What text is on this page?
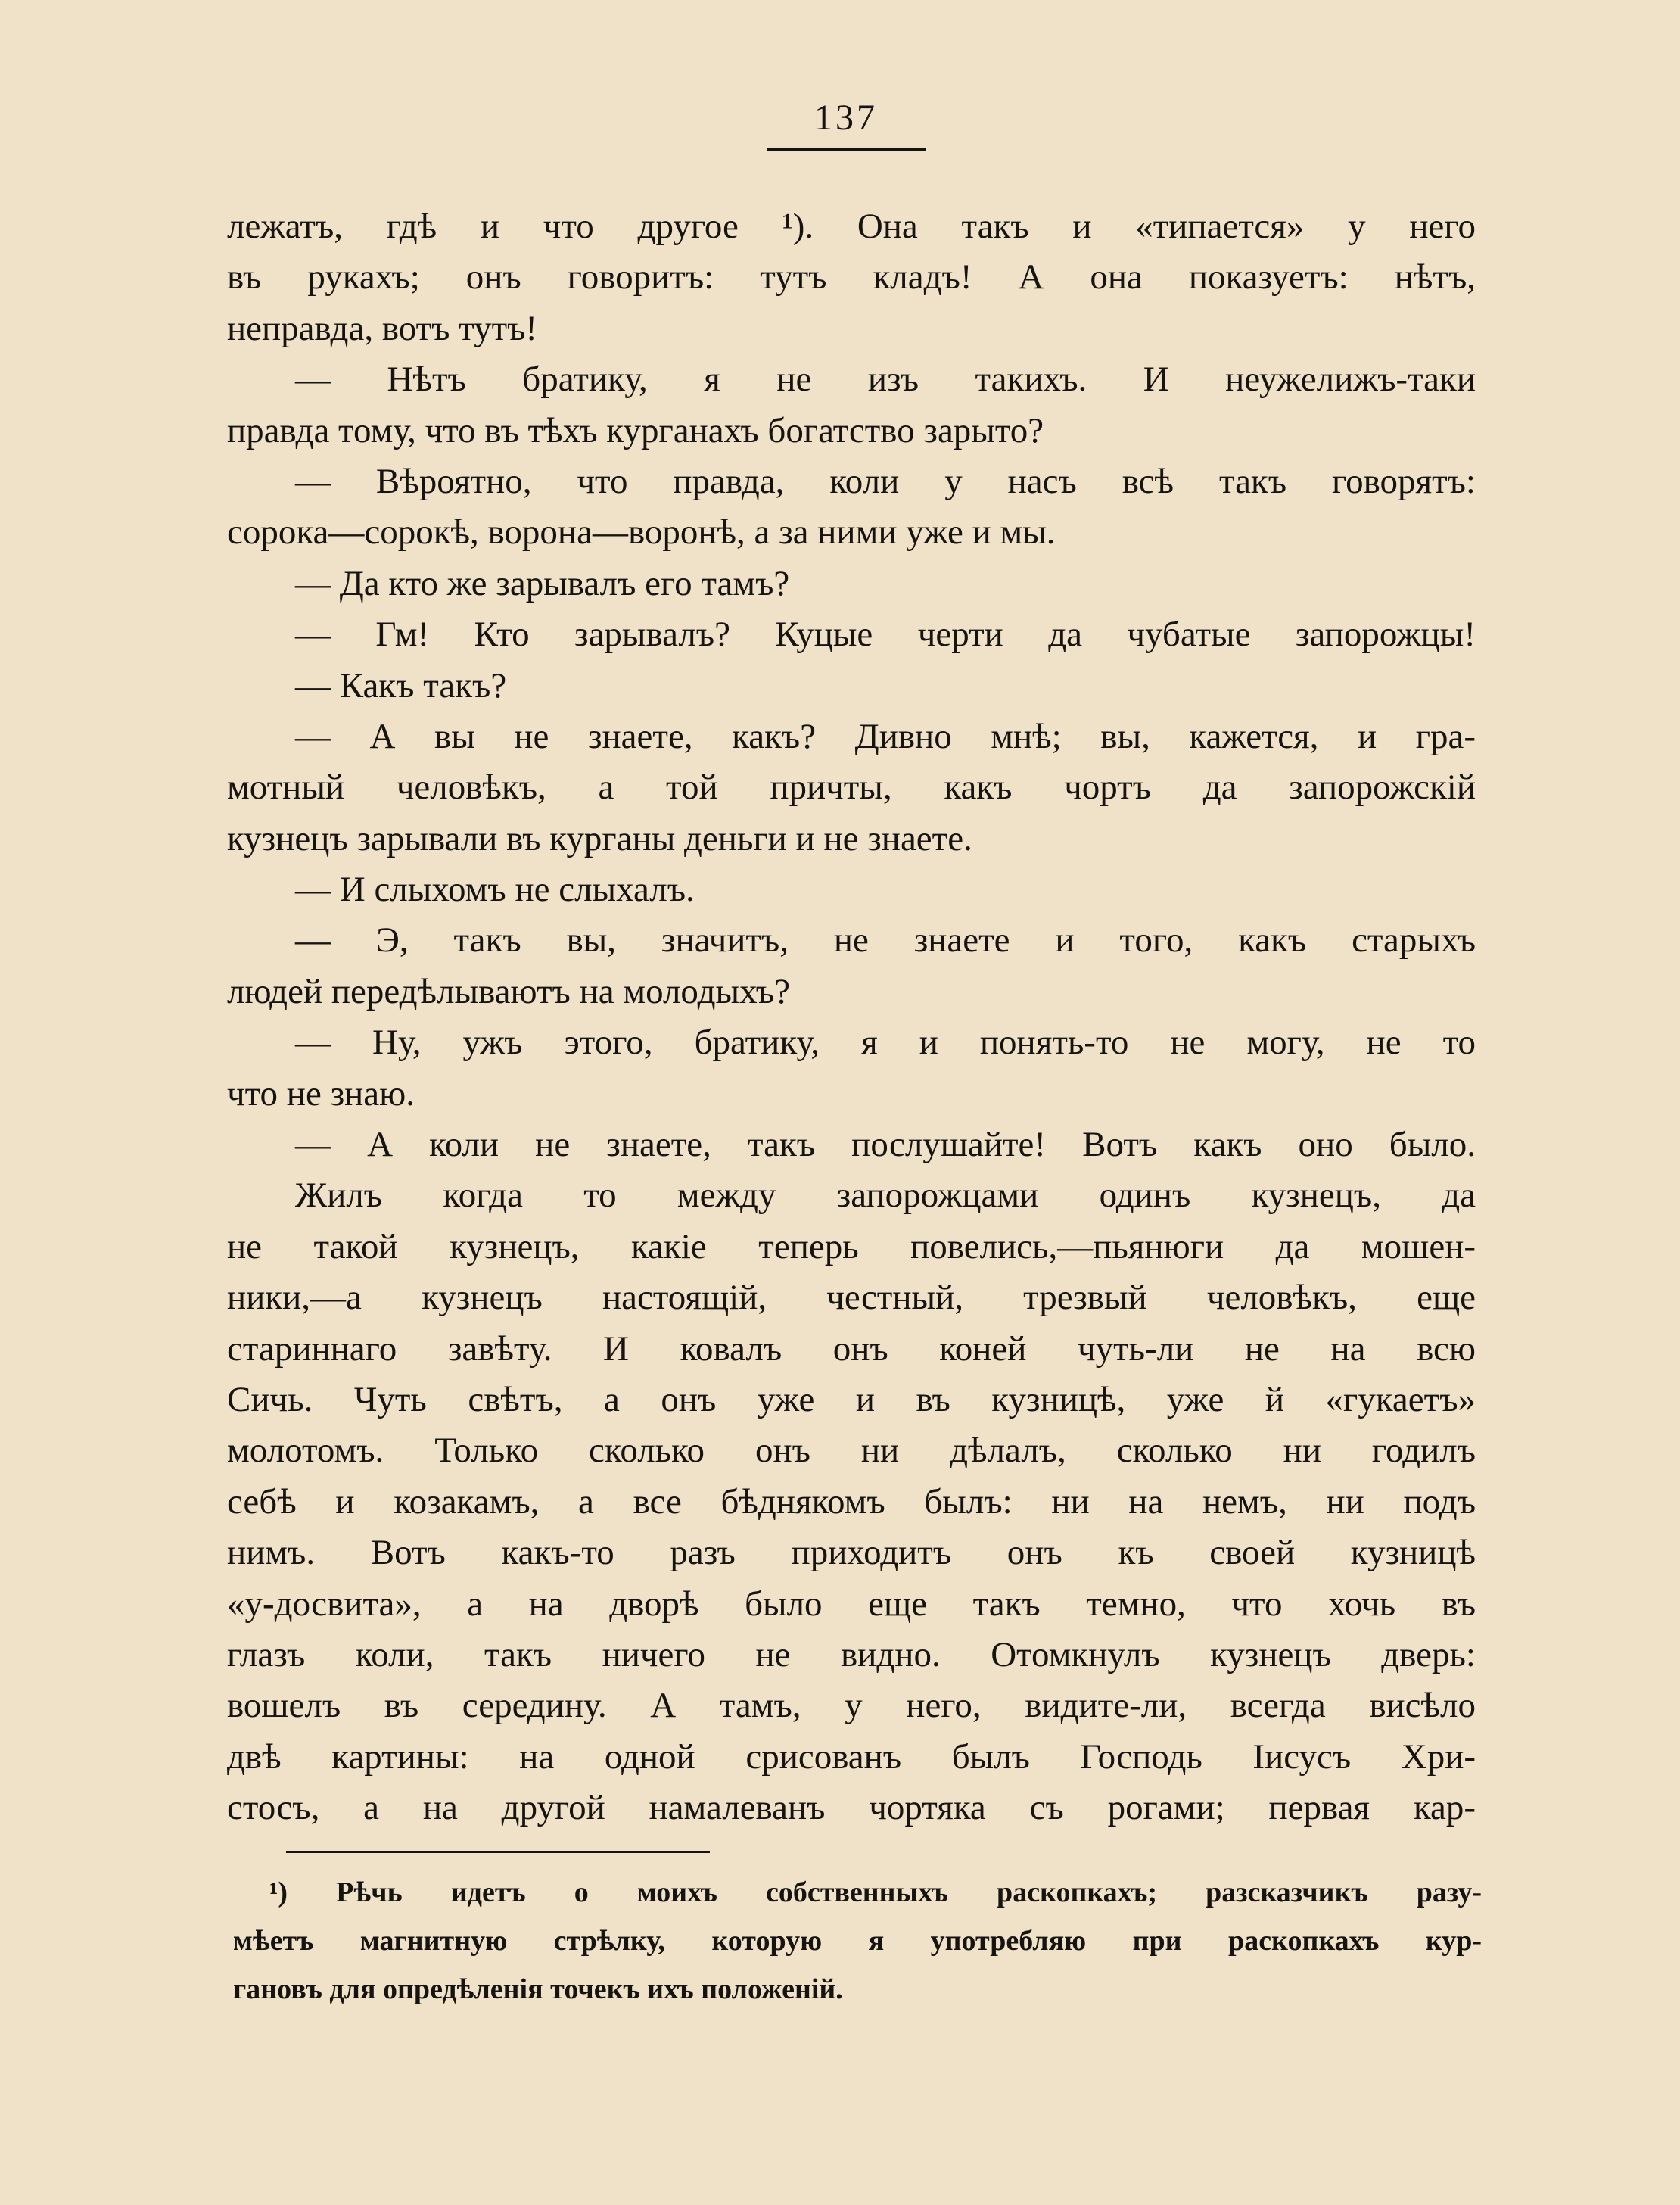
137
лежатъ, гдѣ и что другое ¹). Она такъ и «типается» у него
въ рукахъ; онъ говоритъ: тутъ кладъ! А она показуетъ: нѣтъ,
неправда, вотъ тутъ!
— Нѣтъ братику, я не изъ такихъ. И неужелижъ-таки
правда тому, что въ тѣхъ курганахъ богатство зарыто?
— Вѣроятно, что правда, коли у насъ всѣ такъ говорятъ:
сорока—сорокѣ, ворона—воронѣ, а за ними уже и мы.
— Да кто же зарывалъ его тамъ?
— Гм! Кто зарывалъ? Куцые черти да чубатые запорожцы!
— Какъ такъ?
— А вы не знаете, какъ? Дивно мнѣ; вы, кажется, и гра-
мотный человѣкъ, а той причты, какъ чортъ да запорожскій
кузнецъ зарывали въ курганы деньги и не знаете.
— И слыхомъ не слыхалъ.
— Э, такъ вы, значитъ, не знаете и того, какъ старыхъ
людей передѣлываютъ на молодыхъ?
— Ну, ужъ этого, братику, я и понять-то не могу, не то
что не знаю.
— А коли не знаете, такъ послушайте! Вотъ какъ оно было.
Жилъ когда то между запорожцами одинъ кузнецъ, да
не такой кузнецъ, какіе теперь повелись,—пьянюги да мошен-
ники,—а кузнецъ настоящій, честный, трезвый человѣкъ, еще
стариннаго завѣту. И ковалъ онъ коней чуть-ли не на всю
Сичь. Чуть свѣтъ, а онъ уже и въ кузницѣ, уже й «гукаетъ»
молотомъ. Только сколько онъ ни дѣлалъ, сколько ни годилъ
себѣ и козакамъ, а все бѣднякомъ былъ: ни на немъ, ни подъ
нимъ. Вотъ какъ-то разъ приходитъ онъ къ своей кузницѣ
«у-досвита», а на дворѣ было еще такъ темно, что хочь въ
глазъ коли, такъ ничего не видно. Отомкнулъ кузнецъ дверь:
вошелъ въ середину. А тамъ, у него, видите-ли, всегда висѣло
двѣ картины: на одной срисованъ былъ Господь Іисусъ Хри-
стосъ, а на другой намалеванъ чортяка съ рогами; первая кар-
¹) Рѣчь идетъ о моихъ собственныхъ раскопкахъ; разсказчикъ разу-
мѣетъ магнитную стрѣлку, которую я употребляю при раскопкахъ кур-
гановъ для опредѣленія точекъ ихъ положеній.
